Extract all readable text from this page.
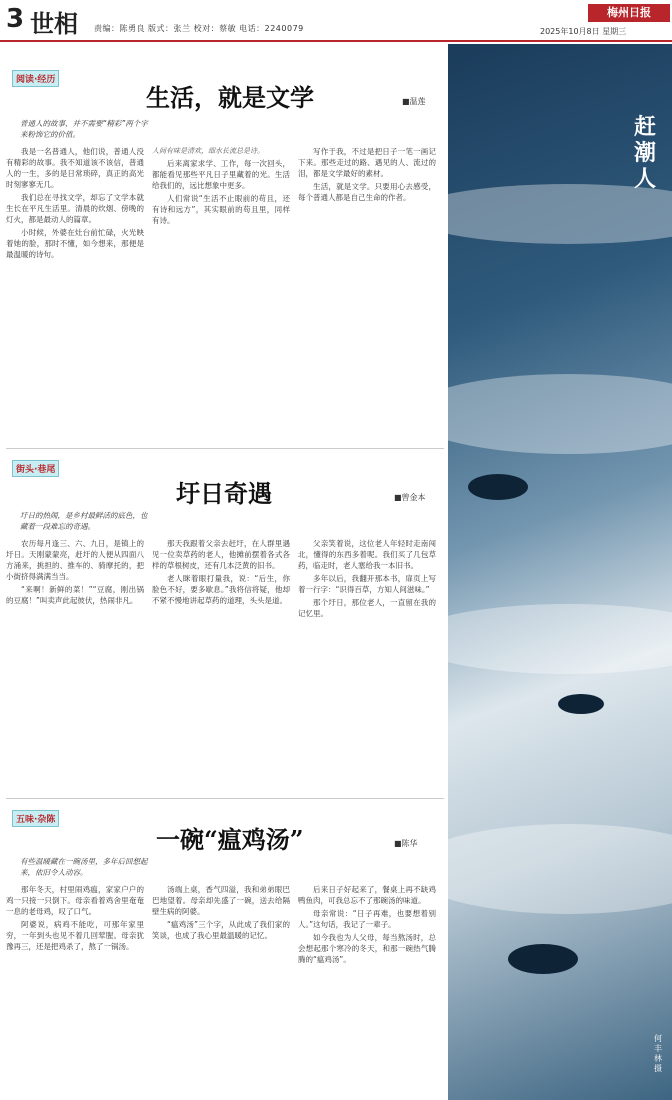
3 世相 责编：陈勇良 版式：张兰 校对：蔡敏 电话：2240079
梅州日报
2025年10月8日 星期三
阅读·经历
生活，就是文学	■温莲
普通人的故事，并不需要“精彩”两个字来粉饰它的价值。

我是一名普通人，他们说，普通人没有精彩的故事。我不知道该不该信，普通人的一生，多的是日常琐碎，真正的高光时刻寥寥无几。

我们总在寻找文学，却忘了文学本就生长在平凡生活里。清晨的炊烟、傍晚的灯火，都是最动人的篇章。

小时候，外婆在灶台前忙碌，火光映着她的脸，那时不懂，如今想来，那便是最温暖的诗句。

人间有味是清欢，细水长流总是诗。

后来离家求学、工作，每一次回头，都能看见那些平凡日子里藏着的光。生活给我们的，远比想象中更多。

人们常说“生活不止眼前的苟且，还有诗和远方”，其实眼前的苟且里，同样有诗。

写作于我，不过是把日子一笔一画记下来。那些走过的路、遇见的人、流过的泪，都是文学最好的素材。

生活，就是文学。只要用心去感受，每个普通人都是自己生命的作者。

街头·巷尾
圩日奇遇	■曾金本
圩日的热闹，是乡村最鲜活的底色，也藏着一段难忘的奇遇。

农历每月逢三、六、九日，是镇上的圩日。天刚蒙蒙亮，赶圩的人便从四面八方涌来，挑担的、推车的、骑摩托的，把小街挤得满满当当。

“来啊！新鲜的菜！”“豆腐，刚出锅的豆腐！”叫卖声此起彼伏，热闹非凡。

那天我跟着父亲去赶圩，在人群里遇见一位卖草药的老人，他摊前摆着各式各样的草根树皮，还有几本泛黄的旧书。

老人眯着眼打量我，说：“后生，你脸色不好，要多歇息。”我将信将疑，他却不紧不慢地讲起草药的道理，头头是道。

父亲笑着说，这位老人年轻时走南闯北，懂得的东西多着呢。我们买了几包草药，临走时，老人塞给我一本旧书。

多年以后，我翻开那本书，扉页上写着一行字：“识得百草，方知人间滋味。”

那个圩日，那位老人，一直留在我的记忆里。

五味·杂陈
一碗“瘟鸡汤”	■陈华
有些温暖藏在一碗汤里，多年后回想起来，依旧令人动容。

那年冬天，村里闹鸡瘟，家家户户的鸡一只接一只倒下。母亲看着鸡舍里奄奄一息的老母鸡，叹了口气。

阿婆说，病鸡不能吃，可那年家里穷，一年到头也见不着几回荤腥。母亲犹豫再三，还是把鸡杀了，熬了一锅汤。

汤端上桌，香气四溢，我和弟弟眼巴巴地望着。母亲却先盛了一碗，送去给隔壁生病的阿婆。

“瘟鸡汤”三个字，从此成了我们家的笑谈，也成了我心里最温暖的记忆。

后来日子好起来了，餐桌上再不缺鸡鸭鱼肉，可我总忘不了那碗汤的味道。

母亲常说：“日子再难，也要想着别人。”这句话，我记了一辈子。

如今我也为人父母，每当熬汤时，总会想起那个寒冷的冬天，和那一碗热气腾腾的“瘟鸡汤”。

赶潮人
何丰林摄
